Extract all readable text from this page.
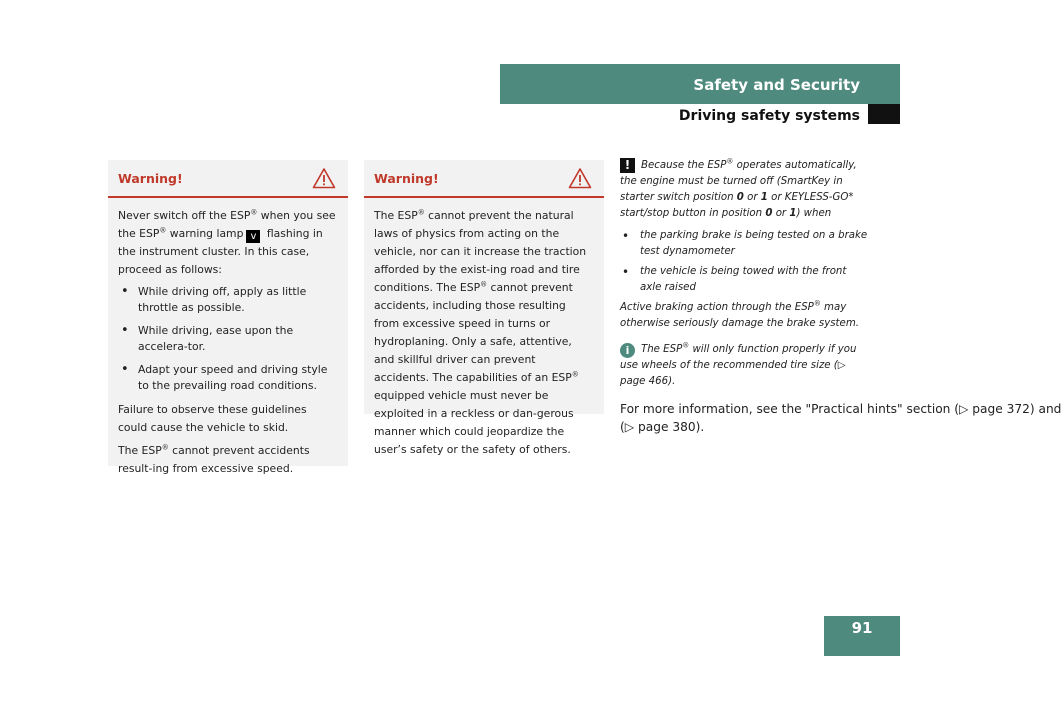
Safety and Security
Driving safety systems
Warning!

Never switch off the ESP® when you see the ESP® warning lamp v flashing in the instrument cluster. In this case, proceed as follows:

• While driving off, apply as little throttle as possible.
• While driving, ease upon the accelera-tor.
• Adapt your speed and driving style to the prevailing road conditions.

Failure to observe these guidelines could cause the vehicle to skid.

The ESP® cannot prevent accidents result-ing from excessive speed.

Warning!

The ESP® cannot prevent the natural laws of physics from acting on the vehicle, nor can it increase the traction afforded by the exist-ing road and tire conditions. The ESP® cannot prevent accidents, including those resulting from excessive speed in turns or hydroplaning. Only a safe, attentive, and skillful driver can prevent accidents. The capabilities of an ESP® equipped vehicle must never be exploited in a reckless or dan-gerous manner which could jeopardize the user’s safety or the safety of others.

! Because the ESP® operates automatically, the engine must be turned off (SmartKey in starter switch position 0 or 1 or KEYLESS-GO* start/stop button in position 0 or 1) when

• the parking brake is being tested on a brake test dynamometer
• the vehicle is being towed with the front axle raised

Active braking action through the ESP® may otherwise seriously damage the brake system.

i The ESP® will only function properly if you use wheels of the recommended tire size (▷ page 466).

For more information, see the "Practical hints" section (▷ page 372) and
(▷ page 380).
91
